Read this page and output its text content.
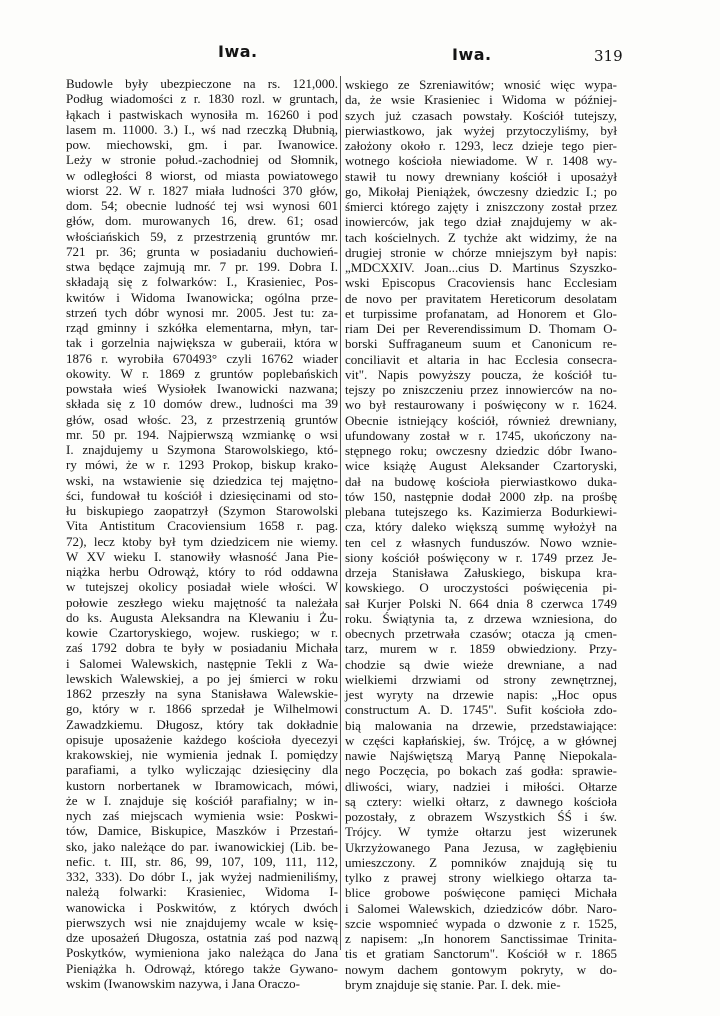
Iwa.	Iwa.	319
Budowle były ubezpieczone na rs. 121,000.
Podług wiadomości z r. 1830 rozl. w gruntach,
łąkach i pastwiskach wynosiła m. 16260 i pod
lasem m. 11000. 3.) I., wś nad rzeczką Dłubnią,
pow. miechowski, gm. i par. Iwanowice.
Leży w stronie połud.-zachodniej od Słomnik,
w odległości 8 wiorst, od miasta powiatowego
wiorst 22. W r. 1827 miała ludności 370 głów,
dom. 54; obecnie ludność tej wsi wynosi 601
głów, dom. murowanych 16, drew. 61; osad
włościańskich 59, z przestrzenią gruntów mr.
721 pr. 36; grunta w posiadaniu duchowień-
stwa będące zajmują mr. 7 pr. 199. Dobra I.
składają się z folwarków: I., Krasieniec, Pos-
kwitów i Widoma Iwanowicka; ogólna prze-
strzeń tych dóbr wynosi mr. 2005. Jest tu: za-
rząd gminny i szkółka elementarna, młyn, tar-
tak i gorzelnia największa w guberaii, która w
1876 r. wyrobiła 670493° czyli 16762 wiader
okowity. W r. 1869 z gruntów poplebańskich
powstała wieś Wysiołek Iwanowicki nazwana;
składa się z 10 domów drew., ludności ma 39
głów, osad włośc. 23, z przestrzenią gruntów
mr. 50 pr. 194. Najpierwszą wzmiankę o wsi
I. znajdujemy u Szymona Starowolskiego, któ-
ry mówi, że w r. 1293 Prokop, biskup krako-
wski, na wstawienie się dziedzica tej majętno-
ści, fundował tu kościół i dziesięcinami od sto-
łu biskupiego zaopatrzył (Szymon Starowolski
Vita Antistitum Cracoviensium 1658 r. pag.
72), lecz ktoby był tym dziedzicem nie wiemy.
W XV wieku I. stanowiły własność Jana Pie-
niążka herbu Odrowąż, który to ród oddawna
w tutejszej okolicy posiadał wiele włości. W
połowie zeszłego wieku majętność ta należała
do ks. Augusta Aleksandra na Klewaniu i Żu-
kowie Czartoryskiego, wojew. ruskiego; w r.
zaś 1792 dobra te były w posiadaniu Michała
i Salomei Walewskich, następnie Tekli z Wa-
lewskich Walewskiej, a po jej śmierci w roku
1862 przeszły na syna Stanisława Walewskie-
go, który w r. 1866 sprzedał je Wilhelmowi
Zawadzkiemu. Długosz, który tak dokładnie
opisuje uposażenie każdego kościoła dyecezyi
krakowskiej, nie wymienia jednak I. pomiędzy
parafiami, a tylko wyliczając dziesięciny dla
kustorn norbertanek w Ibramowicach, mówi,
że w I. znajduje się kościół parafialny; w in-
nych zaś miejscach wymienia wsie: Poskwi-
tów, Damice, Biskupice, Maszków i Przestań-
sko, jako należące do par. iwanowickiej (Lib. be-
nefic. t. III, str. 86, 99, 107, 109, 111, 112,
332, 333). Do dóbr I., jak wyżej nadmieniliśmy,
należą folwarki: Krasieniec, Widoma I-
wanowicka i Poskwitów, z których dwóch
pierwszych wsi nie znajdujemy wcale w księ-
dze uposażeń Długosza, ostatnia zaś pod nazwą
Poskytków, wymieniona jako należąca do Jana
Pieniążka h. Odrowąż, którego także Gywano-
wskim (Iwanowskim nazywa, i Jana Oraczo-
wskiego ze Szreniawitów; wnosić więc wypa-
da, że wsie Krasieniec i Widoma w później-
szych już czasach powstały. Kościół tutejszy,
pierwiastkowo, jak wyżej przytoczyliśmy, był
założony około r. 1293, lecz dzieje tego pier-
wotnego kościoła niewiadome. W r. 1408 wy-
stawił tu nowy drewniany kościół i uposażył
go, Mikołaj Pieniążek, ówczesny dziedzic I.; po
śmierci którego zajęty i zniszczony został przez
inowierców, jak tego dział znajdujemy w ak-
tach kościelnych. Z tychże akt widzimy, że na
drugiej stronie w chórze mniejszym był napis:
„MDCXXIV. Joan...cius D. Martinus Szyszko-
wski Episcopus Cracoviensis hanc Ecclesiam
de novo per pravitatem Hereticorum desolatam
et turpissime profanatam, ad Honorem et Glo-
riam Dei per Reverendissimum D. Thomam O-
borski Suffraganeum suum et Canonicum re-
conciliavit et altaria in hac Ecclesia consecra-
vit". Napis powyższy poucza, że kościół tu-
tejszy po zniszczeniu przez innowierców na no-
wo był restaurowany i poświęcony w r. 1624.
Obecnie istniejący kościół, również drewniany,
ufundowany został w r. 1745, ukończony na-
stępnego roku; owczesny dziedzic dóbr Iwano-
wice książę August Aleksander Czartoryski,
dał na budowę kościoła pierwiastkowo duka-
tów 150, następnie dodał 2000 złp. na prośbę
plebana tutejszego ks. Kazimierza Bodurkiewi-
cza, który daleko większą summę wyłożył na
ten cel z własnych funduszów. Nowo wznie-
siony kościół poświęcony w r. 1749 przez Je-
drzeja Stanisława Załuskiego, biskupa kra-
kowskiego. O uroczystości poświęcenia pi-
sał Kurjer Polski N. 664 dnia 8 czerwca 1749
roku. Świątynia ta, z drzewa wzniesiona, do
obecnych przetrwała czasów; otacza ją cmen-
tarz, murem w r. 1859 obwiedziony. Przy-
chodzie są dwie wieże drewniane, a nad
wielkiemi drzwiami od strony zewnętrznej,
jest wyryty na drzewie napis: „Hoc opus
constructum A. D. 1745". Sufit kościoła zdo-
bią malowania na drzewie, przedstawiające:
w części kapłańskiej, św. Trójcę, a w głównej
nawie Najświętszą Maryą Pannę Niepokala-
nego Poczęcia, po bokach zaś godła: sprawie-
dliwości, wiary, nadziei i miłości. Ołtarze
są cztery: wielki ołtarz, z dawnego kościoła
pozostały, z obrazem Wszystkich ŚŚ i św.
Trójcy. W tymże ołtarzu jest wizerunek
Ukrzyżowanego Pana Jezusa, w zagłębieniu
umieszczony. Z pomników znajdują się tu
tylko z prawej strony wielkiego ołtarza ta-
blice grobowe poświęcone pamięci Michała
i Salomei Walewskich, dziedziców dóbr. Naro-
szcie wspomnieć wypada o dzwonie z r. 1525,
z napisem: „In honorem Sanctissimae Trinita-
tis et gratiam Sanctorum". Kościół w r. 1865
nowym dachem gontowym pokryty, w do-
brym znajduje się stanie. Par. I. dek. mie-
